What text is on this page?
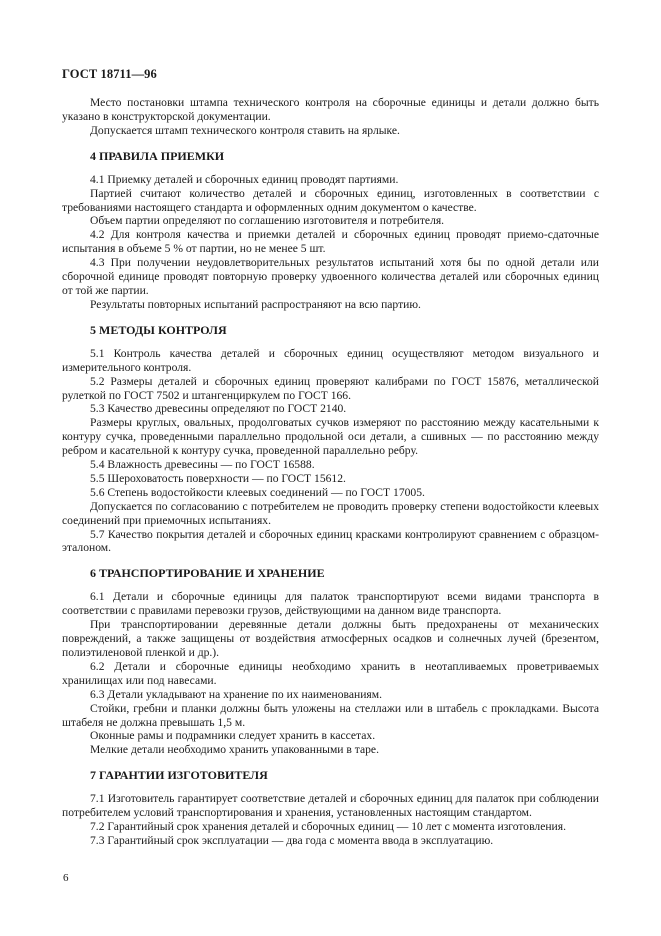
ГОСТ 18711—96

Место постановки штампа технического контроля на сборочные единицы и детали должно быть указано в конструкторской документации.

Допускается штамп технического контроля ставить на ярлыке.

4 ПРАВИЛА ПРИЕМКИ

4.1 Приемку деталей и сборочных единиц проводят партиями.

Партией считают количество деталей и сборочных единиц, изготовленных в соответствии с требованиями настоящего стандарта и оформленных одним документом о качестве.

Объем партии определяют по соглашению изготовителя и потребителя.

4.2 Для контроля качества и приемки деталей и сборочных единиц проводят приемо-сдаточные испытания в объеме 5 % от партии, но не менее 5 шт.

4.3 При получении неудовлетворительных результатов испытаний хотя бы по одной детали или сборочной единице проводят повторную проверку удвоенного количества деталей или сборочных единиц от той же партии.

Результаты повторных испытаний распространяют на всю партию.

5 МЕТОДЫ КОНТРОЛЯ

5.1 Контроль качества деталей и сборочных единиц осуществляют методом визуального и измерительного контроля.

5.2 Размеры деталей и сборочных единиц проверяют калибрами по ГОСТ 15876, металлической рулеткой по ГОСТ 7502 и штангенциркулем по ГОСТ 166.

5.3 Качество древесины определяют по ГОСТ 2140.

Размеры круглых, овальных, продолговатых сучков измеряют по расстоянию между касательными к контуру сучка, проведенными параллельно продольной оси детали, а сшивных — по расстоянию между ребром и касательной к контуру сучка, проведенной параллельно ребру.

5.4 Влажность древесины — по ГОСТ 16588.

5.5 Шероховатость поверхности — по ГОСТ 15612.

5.6 Степень водостойкости клеевых соединений — по ГОСТ 17005.

Допускается по согласованию с потребителем не проводить проверку степени водостойкости клеевых соединений при приемочных испытаниях.

5.7 Качество покрытия деталей и сборочных единиц красками контролируют сравнением с образцом-эталоном.

6 ТРАНСПОРТИРОВАНИЕ И ХРАНЕНИЕ

6.1 Детали и сборочные единицы для палаток транспортируют всеми видами транспорта в соответствии с правилами перевозки грузов, действующими на данном виде транспорта.

При транспортировании деревянные детали должны быть предохранены от механических повреждений, а также защищены от воздействия атмосферных осадков и солнечных лучей (брезентом, полиэтиленовой пленкой и др.).

6.2 Детали и сборочные единицы необходимо хранить в неотапливаемых проветриваемых хранилищах или под навесами.

6.3 Детали укладывают на хранение по их наименованиям.

Стойки, гребни и планки должны быть уложены на стеллажи или в штабель с прокладками. Высота штабеля не должна превышать 1,5 м.

Оконные рамы и подрамники следует хранить в кассетах.

Мелкие детали необходимо хранить упакованными в таре.

7 ГАРАНТИИ ИЗГОТОВИТЕЛЯ

7.1 Изготовитель гарантирует соответствие деталей и сборочных единиц для палаток при соблюдении потребителем условий транспортирования и хранения, установленных настоящим стандартом.

7.2 Гарантийный срок хранения деталей и сборочных единиц — 10 лет с момента изготовления.

7.3 Гарантийный срок эксплуатации — два года с момента ввода в эксплуатацию.

6
